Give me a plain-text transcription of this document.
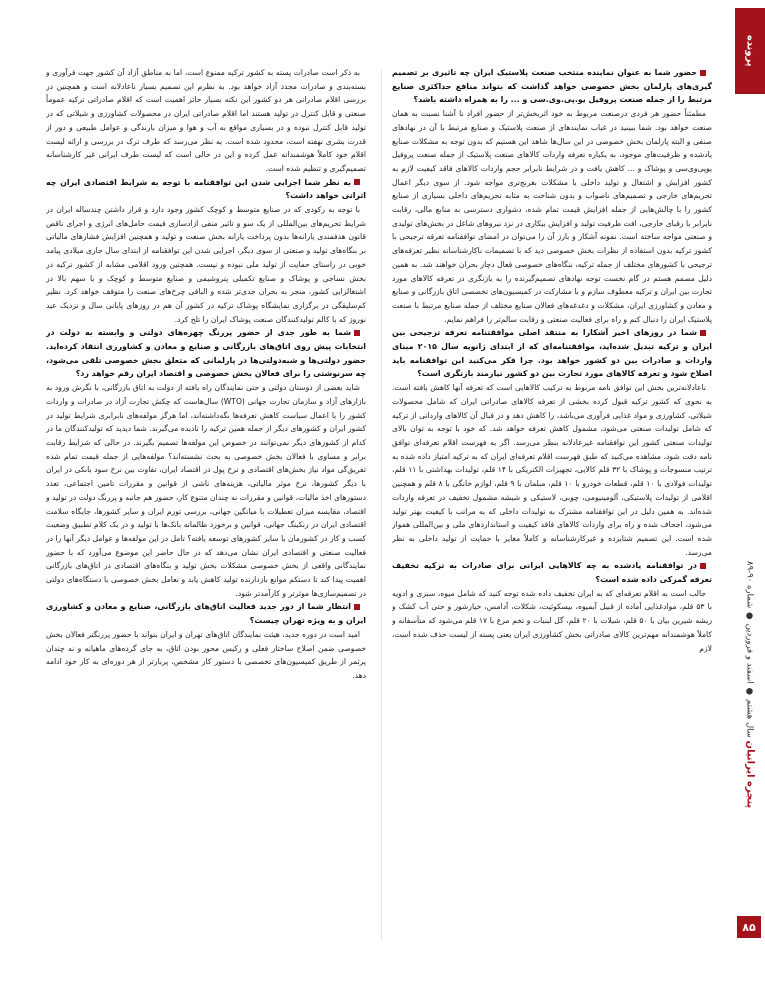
پرونده
پنجره ایرانیان سال هشتم ● اسفند و فروردین ● شماره ۹۰-۸۹
۸۵

حضور شما به عنوان نماینده منتخب صنعت پلاستیک ایران چه تاثیری بر تصمیم گیری‌های پارلمان بخش خصوصی خواهد گذاشت که بتواند منافع حداکثری صنایع مرتبط را از جمله صنعت پروفیل یو.پی.وی.سی و ... را به همراه داشته باشد؟

مطمئناً حضور هر فردی درصنعت مربوط به خود اثربخش‌تر از حضور افراد نا آشنا نسبت به همان صنعت خواهد بود. شما ببینید در غیاب نمایندهای از صنعت پلاستیک و صنایع مرتبط با آن در نهادهای صنفی و البته پارلمان بخش خصوصی در این سال‌ها شاهد این هستیم که بدون توجه به مشکلات صنایع یادشده و ظرفیت‌های موجود، به یکباره تعرفه واردات کالاهای صنعت پلاستیک از جمله صنعت پروفیل یوپی‌وی‌سی و پوشاک و ... کاهش یافت و در شرایط نابرابر حجم واردات کالاهای فاقد کیفیت لازم به کشور افزایش و اشتغال و تولید داخلی با مشکلات بغرنج‌تری مواجه شود. از سوی دیگر اعمال تحریم‌های خارجی و تصمیم‌های ناصواب و بدون شناخت به مثابه تحریم‌های داخلی بسیاری از صنایع کشور را با چالش‌هایی از جمله افزایش قیمت تمام شده، دشواری دسترسی به منابع مالی، رقابت نابرابر با رقبای خارجی، افت ظرفیت تولید و افزایش بیکاری در نزد نیروهای شاغل در بخش‌های تولیدی و صنعتی مواجه ساخته است. نمونه آشکار و بارز آن را می‌توان در امضای توافقنامه تعرفه ترجیحی با کشور ترکیه بدون استفاده از نظرات بخش خصوصی دید که با تصمیمات ناکارشناسانه نظیر تعرفه‌های ترجیحی با کشورهای مختلف از جمله ترکیه، بنگاه‌های خصوصی فعال دچار بحران خواهند شد. به همین دلیل مصمم هستم در گام نخست توجه نهادهای تصمیم‌گیرنده را به بازنگری در تعرفه کالاهای مورد تجارت بین ایران و ترکیه معطوف سازم و با مشارکت در کمیسیون‌های تخصصی اتاق بازرگانی و صنایع و معادن و کشاورزی ایران، مشکلات و دغدغه‌های فعالان صنایع مختلف از جمله صنایع مرتبط با صنعت پلاستیک ایران را دنبال کنم و راه برای فعالیت صنعتی و رقابت سالم‌تر را فراهم نمایم.

شما در روزهای اخیر آشکارا به منتقد اصلی موافقتنامه تعرفه ترجیحی بین ایران و ترکیه تبدیل شده‌اید، موافقتنامه‌ای که از ابتدای ژانویه سال ۲۰۱۵ مبنای واردات و صادرات بین دو کشور خواهد بود. چرا فکر می‌کنید این توافقنامه باید اصلاح شود و تعرفه کالاهای مورد تجارت بین دو کشور نیازمند بازنگری است؟

ناعادلانه‌ترین بخش این توافق نامه مربوط به ترکیب کالاهایی است که تعرفه آنها کاهش یافته است. به نحوی که کشور ترکیه قبول کرده بخشی از تعرفه کالاهای صادراتی ایران که شامل محصولات شیلاتی، کشاورزی و مواد غذایی فرآوری می‌باشد، را کاهش دهد و در قبال آن کالاهای وارداتی از ترکیه که شامل تولیدات صنعتی می‌شود، مشمول کاهش تعرفه خواهد شد. که خود با توجه به توان بالای تولیدات صنعتی کشور این توافقنامه غیرعادلانه بنظر می‌رسد. اگر به فهرست اقلام تعرفه‌ای توافق نامه دقت شود، مشاهده می‌کنید که طبق فهرست اقلام تعرفه‌ای ایران که به ترکیه امتیاز داده شده به ترتیب منسوجات و پوشاک با ۳۲ قلم کالایی، تجهیزات الکتریکی با ۱۴ قلم، تولیدات بهداشتی با ۱۱ قلم، تولیدات فولادی با ۱۰ قلم، قطعات خودرو با ۱۰ قلم، مبلمان با ۹ قلم، لوازم خانگی با ۸ قلم و همچنین اقلامی از تولیدات پلاستیکی، آلومینیومی، چوبی، لاستیکی و شیشه مشمول تخفیف در تعرفه واردات شده‌اند. به همین دلیل در این توافقنامه مشترک به تولیدات داخلی که به مراتب با کیفیت بهتر تولید می‌شود، اجحاف شده و راه برای واردات کالاهای فاقد کیفیت و استانداردهای ملی و بین‌المللی هموار شده است. این تصمیم شتابزده و غیرکارشناسانه و کاملاً مغایر با حمایت از تولید داخلی به نظر می‌رسد.

در توافقنامه یادشده به چه کالاهایی ایرانی برای صادرات به ترکیه تخفیف تعرفه گمرکی داده شده است؟

جالب است به اقلام تعرفه‌ای که به ایران تخفیف داده شده توجه کنید که شامل میوه، سبزی و ادویه با ۵۳ قلم، موادغذایی آماده از قبیل آبمیوه، بیسکوئیت، شکلات، آدامس، خیارشور و حتی آب کشک و ریشه شیرین بیان با ۵۰ قلم، شیلات با ۲۰ قلم، گل لبنیات و تخم مرغ با ۱۷ قلم می‌شود که متأسفانه و کاملاً هوشمندانه مهم‌ترین کالای صادراتی بخش کشاورزی ایران یعنی پسته از لیست حذف شده است، لازم

به ذکر است صادرات پسته به کشور ترکیه ممنوع است، اما به مناطق آزاد آن کشور جهت فرآوری و بسته‌بندی و صادرات مجدد آزاد خواهد بود. به نظرم این تصمیم بسیار ناعادلانه است و همچنین در بررسی اقلام صادراتی هر دو کشور این نکته بسیار حائز اهمیت است که اقلام صادراتی ترکیه عموماً صنعتی و قابل کنترل در تولید هستند اما اقلام صادراتی ایران در محصولات کشاورزی و شیلاتی که در تولید قابل کنترل نبوده و در بسیاری مواقع به آب و هوا و میزان بارندگی و عوامل طبیعی و دور از قدرت بشری نهفته است، محدود شده است. به نظر می‌رسد که طرف ترک در بررسی و ارائه لیست اقلام خود کاملاً هوشمندانه عمل کرده و این در حالی است که لیست طرف ایرانی غیر کارشناسانه تصمیم‌گیری و تنظیم شده است.

به نظر شما اجرایی شدن این توافقنامه با توجه به شرایط اقتصادی ایران چه اثراتی خواهد داشت؟

با توجه به رکودی که در صنایع متوسط و کوچک کشور وجود دارد و قرار داشتن چندساله ایران در شرایط تحریم‌های بین‌المللی از یک سو و تاثیر منفی ازادسازی قیمت حامل‌های انرژی و اجرای ناقص قانون هدفمندی یارانه‌ها بدون پرداخت یارانه بخش صنعت و تولید و همچنین افزایش فشارهای مالیاتی بر بنگاه‌های تولید و صنعتی از سوی دیگر، اجرایی شدن این توافقنامه از ابتدای سال جاری میلادی پیامد خوبی در راستای حمایت از تولید ملی نبوده و نیست. همچنین ورود اقلامی مشابه از کشور ترکیه در بخش نساجی و پوشاک و صنایع تکمیلی پتروشیمی و صنایع متوسط و کوچک و با سهم بالا در اشتغالزایی کشور، منجر به بحران جدی‌تر شده و الباقی چرخ‌های صنعت را متوقف خواهد کرد. نظیر کم‌سلیقگی در برگزاری نمایشگاه پوشاک ترکیه در کشور آن هم در روزهای پایانی سال و نزدیک عید نوروز که با کالم تولیدکنندگان صنعت پوشاک ایران را تلخ کرد.

شما به طور جدی از حضور پررنگ چهره‌های دولتی و وابسته به دولت در انتخابات پیش روی اتاق‌های بازرگانی و صنایع و معادن و کشاورزی انتقاد کرده‌اید. حضور دولتی‌ها و شبه‌دولتی‌ها در پارلمانی که متعلق بخش خصوصی تلقی می‌شود، چه سرنوشتی را برای فعالان بخش خصوصی و اقتصاد ایران رقم خواهد زد؟

شاید بعضی از دوستان دولتی و حتی نمایندگان راه یافته از دولت به اتاق بازرگانی، با نگرش ورود به بازارهای آزاد و سازمان تجارت جهانی (WTO) سال‌هاست که چکش تجارت آزاد در صادرات و واردات کشور را با اعمال سیاست کاهش تعرفه‌ها نگه‌داشته‌اند، اما هرگز مولفه‌های نابرابری شرایط تولید در کشور ایران و کشورهای دیگر از جمله همین ترکیه را نادیده می‌گیرند. شما دیدید که تولیدکنندگان ما در کدام از کشورهای دیگر نمی‌توانند در خصوص این مولفه‌ها تصمیم بگیرند. در حالی که شرایط رقابت برابر و مساوی با فعالان بخش خصوصی به بحث نشسته‌اند؟ مولفه‌هایی از جمله قیمت تمام شده تفریق‌گی مواد نیاز بخش‌های اقتصادی و نرخ پول در اقتصاد ایران، تفاوت بین نرخ سود بانکی در ایران با دیگر کشورها، نرخ موثر مالیاتی، هزینه‌های ناشی از قوانین و مقررات تامین اجتماعی، تعدد دستورهای اخذ مالیات، قوانین و مقررات نه چندان متنوع کار، حضور هم جانبه و پررنگ دولت در تولید و اقتصاد، مقایسه میزان تعطیلات با میانگین جهانی، بررسی تورم ایران و سایر کشورها، جایگاه سلامت اقتصادی ایران در رنکینگ جهانی، قوانین و برخورد ظالمانه بانک‌ها با تولید و در یک کلام تطبیق وضعیت کسب و کار در کشورمان با سایر کشورهای توسعه یافته؟ تامل در این مولفه‌ها و عوامل دیگر آنها را در فعالیت صنعتی و اقتصادی ایران نشان می‌دهد که در حال حاضر این موضوع می‌آورد که با حضور نمایندگانی واقعی از بخش خصوصی مشکلات بخش تولید و بنگاه‌های اقتصادی در اتاق‌های بازرگانی اهمیت پیدا کند تا دستکم موانع بازدارنده تولید کاهش یابد و تعامل بخش خصوصی با دستگاه‌های دولتی در تصمیم‌سازی‌ها موثرتر و کارآمدتر شود.

انتظار شما از دور جدید فعالیت اتاق‌های بازرگانی، صنایع و معادن و کشاورزی ایران و به ویژه تهران چیست؟

امید است در دوره جدید، هیئت نمایندگان اتاق‌های تهران و ایران بتواند با حضور پررنگتر فعالان بخش خصوصی ضمن اصلاح ساختار فعلی و رکیس محور بودن اتاق، به جای گرده‌های ماهیانه و نه چندان پرثمر از طریق کمیسیون‌های تخصصی با دستور کار مشخص، پربارتر از هر دوره‌ای به کار خود ادامه دهد.
